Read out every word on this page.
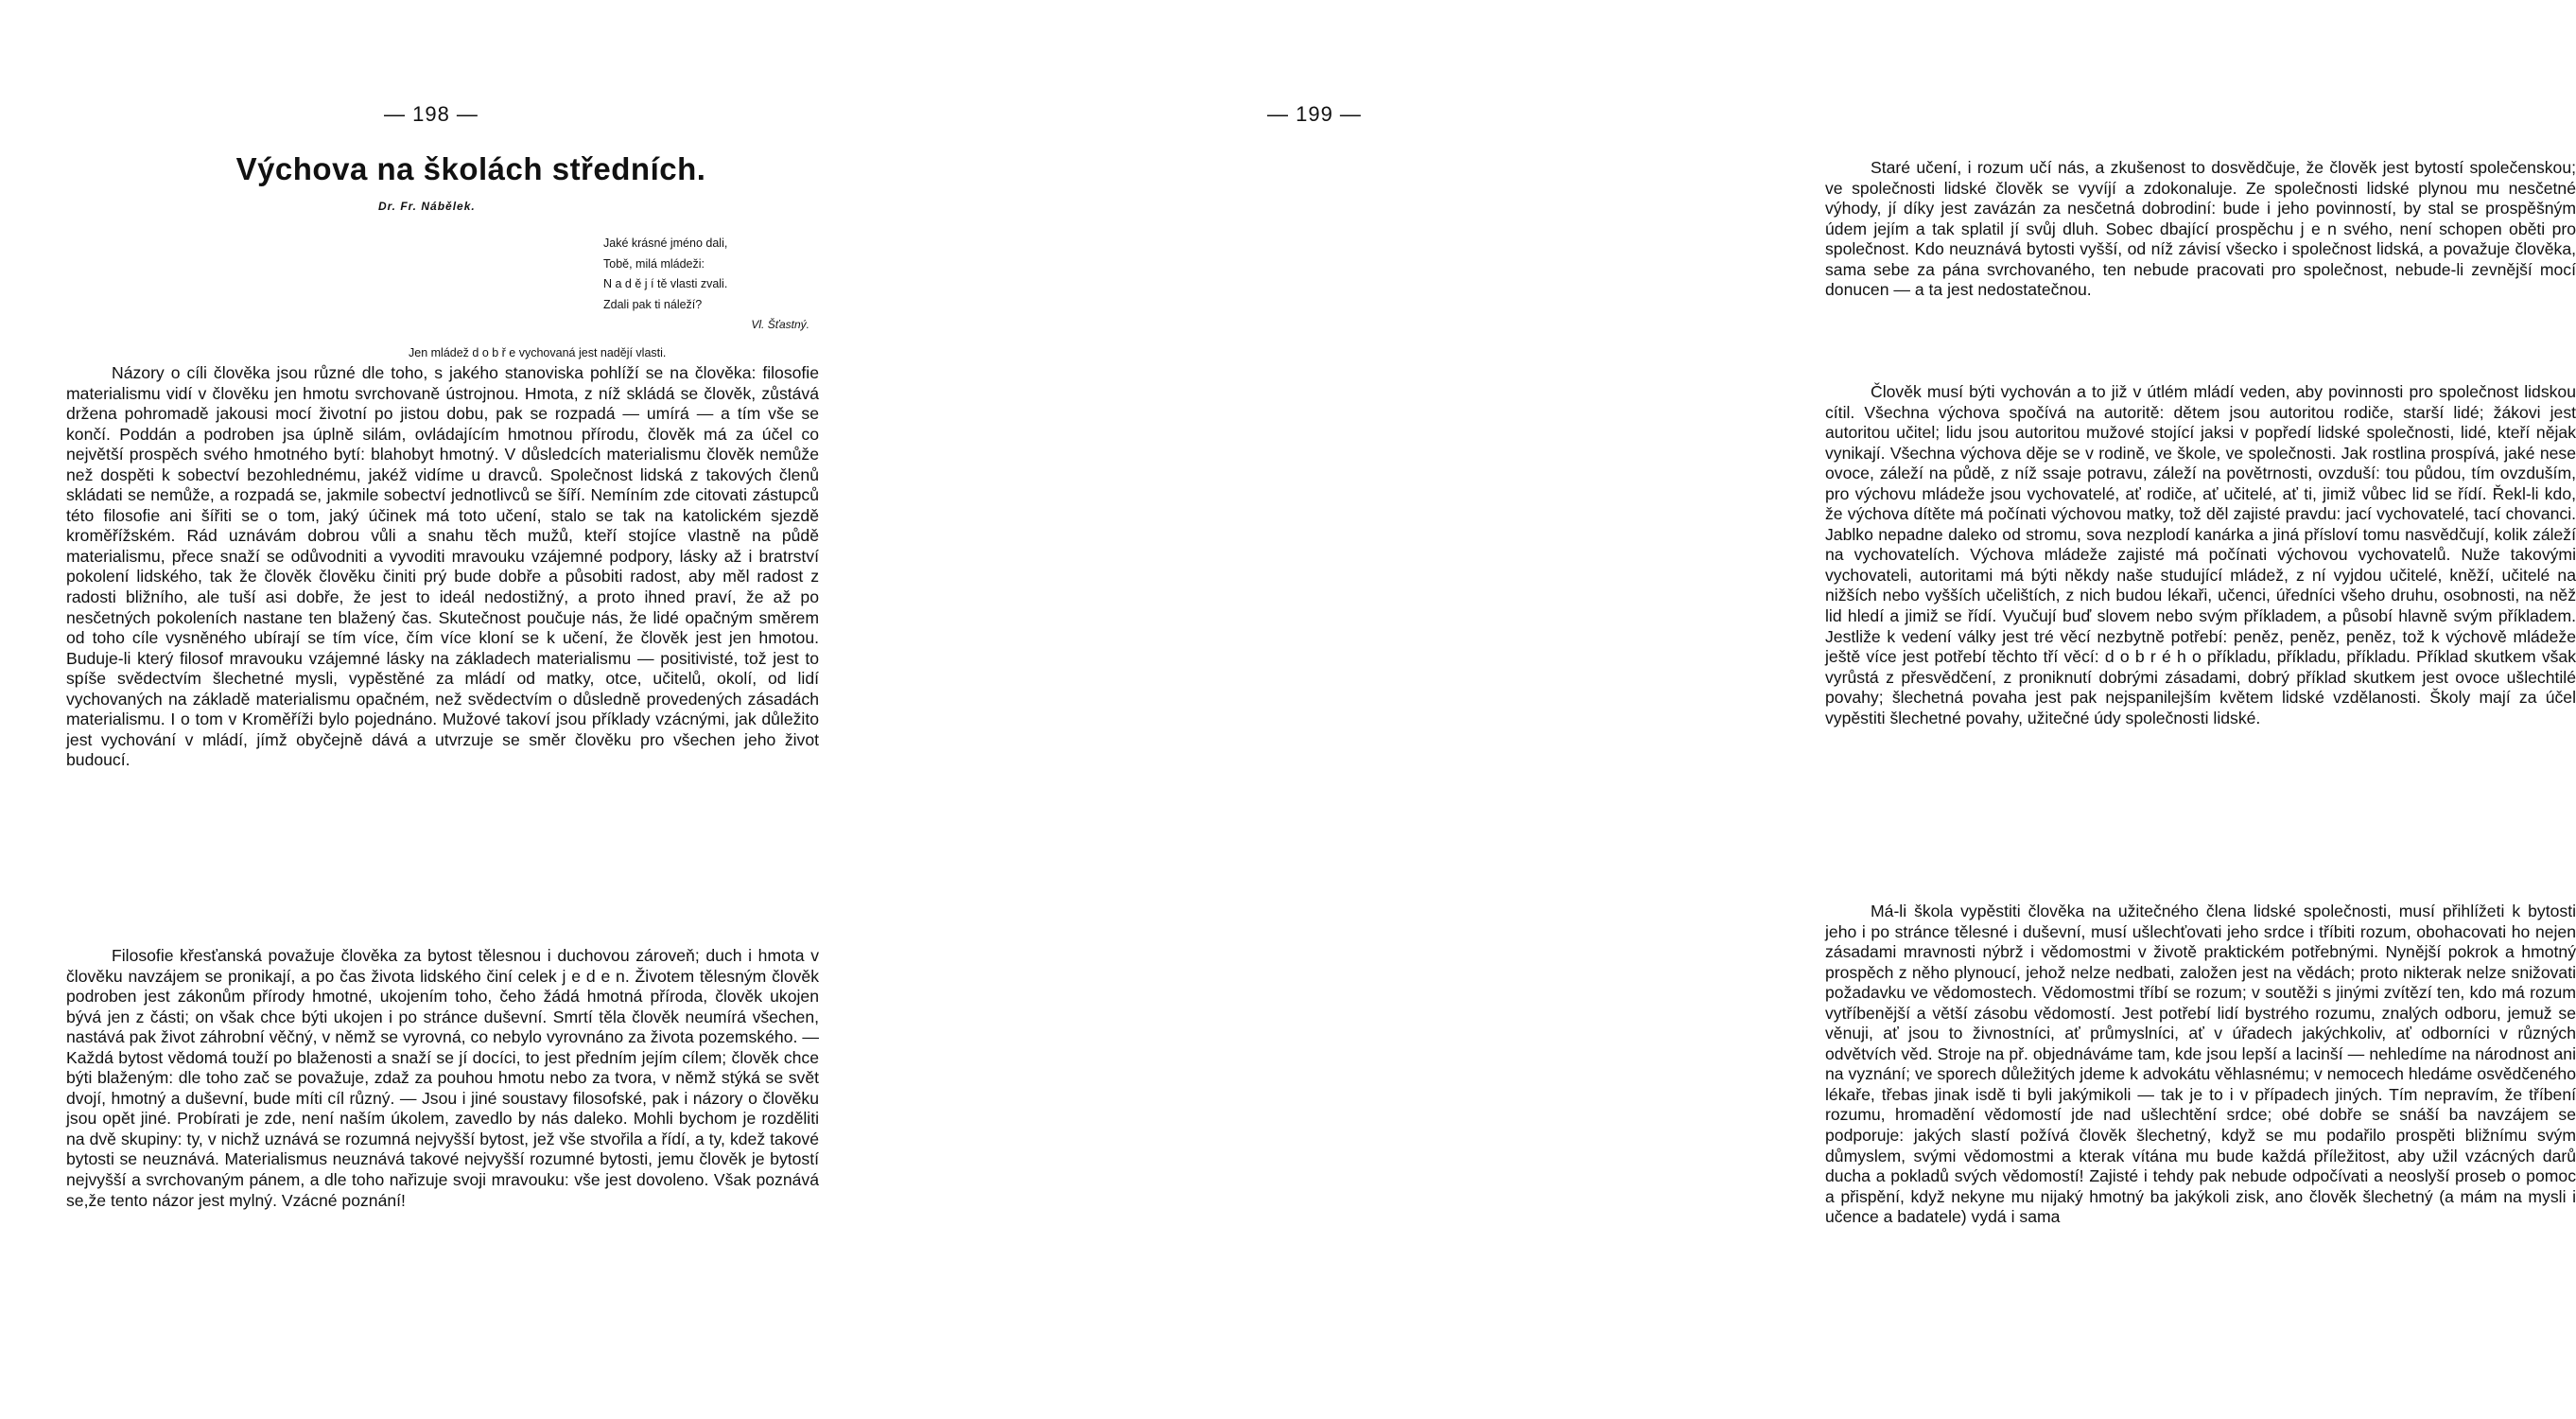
— 198 —
Výchova na školách středních.
Dr. Fr. Nábělek.
Jaké krásné jméno dali,
Tobě, milá mládeži:
N a d ě j í tě vlasti zvali.
Zdali pak ti náleží?
Vl. Šťastný.
Jen mládež d o b ř e vychovaná jest nadějí vlasti.

Názory o cíli člověka jsou různé dle toho, s jakého stanoviska pohlíží se na člověka: filosofie materialismu vidí v člověku jen hmotu svrchovaně ústrojnou. Hmota, z níž skládá se člověk, zůstává držena pohromadě jakousi mocí životní po jistou dobu, pak se rozpadá — umírá — a tím vše se končí. Poddán a podroben jsa úplně silám, ovládajícím hmotnou přírodu, člověk má za účel co největší prospěch svého hmotného bytí: blahobyt hmotný. V důsledcích materialismu člověk nemůže než dospěti k sobectví bezohlednému, jakéž vidíme u dravců. Společnost lidská z takových členů skládati se nemůže, a rozpadá se, jakmile sobectví jednotlivců se šíří. Nemíním zde citovati zástupců této filosofie ani šířiti se o tom, jaký účinek má toto učení, stalo se tak na katolickém sjezdě kroměřížském. Rád uznávám dobrou vůli a snahu těch mužů, kteří stojíce vlastně na půdě materialismu, přece snaží se odůvodniti a vyvoditi mravouku vzájemné podpory, lásky až i bratrství pokolení lidského, tak že člověk člověku činiti prý bude dobře a působiti radost, aby měl radost z radosti bližního, ale tuší asi dobře, že jest to ideál nedostižný, a proto ihned praví, že až po nesčetných pokoleních nastane ten blažený čas. Skutečnost poučuje nás, že lidé opačným směrem od toho cíle vysněného ubírají se tím více, čím více kloní se k učení, že člověk jest jen hmotou. Buduje-li který filosof mravouku vzájemné lásky na základech materialismu — positivisté, tož jest to spíše svědectvím šlechetné mysli, vypěstěné za mládí od matky, otce, učitelů, okolí, od lidí vychovaných na základě materialismu opačném, než svědectvím o důsledně provedených zásadách materialismu. I o tom v Kroměříži bylo pojednáno. Mužové takoví jsou příklady vzácnými, jak důležito jest vychování v mládí, jímž obyčejně dává a utvrzuje se směr člověku pro všechen jeho život budoucí.

Filosofie křesťanská považuje člověka za bytost tělesnou i duchovou zároveň; duch i hmota v člověku navzájem se pronikají, a po čas života lidského činí celek j e d e n. Životem tělesným člověk podroben jest zákonům přírody hmotné, ukojením toho, čeho žádá hmotná příroda, člověk ukojen bývá jen z části; on však chce býti ukojen i po stránce duševní. Smrtí těla člověk neumírá všechen, nastává pak život záhrobní věčný, v němž se vyrovná, co nebylo vyrovnáno za života pozemského. — Každá bytost vědomá touží po blaženosti a snaží se jí docíci, to jest předním jejím cílem; člověk chce býti blaženým: dle toho zač se považuje, zdaž za pouhou hmotu nebo za tvora, v němž stýká se svět dvojí, hmotný a duševní, bude míti cíl různý. — Jsou i jiné soustavy filosofské, pak i názory o člověku jsou opět jiné. Probírati je zde, není naším úkolem, zavedlo by nás daleko. Mohli bychom je rozděliti na dvě skupiny: ty, v nichž uznává se rozumná nejvyšší bytost, jež vše stvořila a řídí, a ty, kdež takové bytosti se neuznává. Materialismus neuznává takové nejvyšší rozumné bytosti, jemu člověk je bytostí nejvyšší a svrchovaným pánem, a dle toho nařizuje svoji mravouku: vše jest dovoleno. Však poznává se,že tento názor jest mylný. Vzácné poznání!

— 199 —

Staré učení, i rozum učí nás, a zkušenost to dosvědčuje, že člověk jest bytostí společenskou; ve společnosti lidské člověk se vyvíjí a zdokonaluje. Ze společnosti lidské plynou mu nesčetné výhody, jí díky jest zavázán za nesčetná dobrodiní: bude i jeho povinností, by stal se prospěšným údem jejím a tak splatil jí svůj dluh. Sobec dbající prospěchu j e n svého, není schopen oběti pro společnost. Kdo neuznává bytosti vyšší, od níž závisí všecko i společnost lidská, a považuje člověka, sama sebe za pána svrchovaného, ten nebude pracovati pro společnost, nebude-li zevnější mocí donucen — a ta jest nedostatečnou.

Člověk musí býti vychován a to již v útlém mládí veden, aby povinnosti pro společnost lidskou cítil. Všechna výchova spočívá na autoritě: dětem jsou autoritou rodiče, starší lidé; žákovi jest autoritou učitel; lidu jsou autoritou mužové stojící jaksi v popředí lidské společnosti, lidé, kteří nějak vynikají. Všechna výchova děje se v rodině, ve škole, ve společnosti. Jak rostlina prospívá, jaké nese ovoce, záleží na půdě, z níž ssaje potravu, záleží na povětrnosti, ovzduší: tou půdou, tím ovzduším, pro výchovu mládeže jsou vychovatelé, ať rodiče, ať učitelé, ať ti, jimiž vůbec lid se řídí. Řekl-li kdo, že výchova dítěte má počínati výchovou matky, tož děl zajisté pravdu: jací vychovatelé, tací chovanci. Jablko nepadne daleko od stromu, sova nezplodí kanárka a jiná přísloví tomu nasvědčují, kolik záleží na vychovatelích. Výchova mládeže zajisté má počínati výchovou vychovatelů. Nuže takovými vychovateli, autoritami má býti někdy naše studující mládež, z ní vyjdou učitelé, kněží, učitelé na nižších nebo vyšších učelištích, z nich budou lékaři, učenci, úředníci všeho druhu, osobnosti, na něž lid hledí a jimiž se řídí. Vyučují buď slovem nebo svým příkladem, a působí hlavně svým příkladem. Jestliže k vedení války jest tré věcí nezbytně potřebí: peněz, peněz, peněz, tož k výchově mládeže ještě více jest potřebí těchto tří věcí: d o b r é h o příkladu, příkladu, příkladu. Příklad skutkem však vyrůstá z přesvědčení, z proniknutí dobrými zásadami, dobrý příklad skutkem jest ovoce ušlechtilé povahy; šlechetná povaha jest pak nejspanilejším květem lidské vzdělanosti. Školy mají za účel vypěstiti šlechetné povahy, užitečné údy společnosti lidské.

Má-li škola vypěstiti člověka na užitečného člena lidské společnosti, musí přihlížeti k bytosti jeho i po stránce tělesné i duševní, musí ušlechťovati jeho srdce i tříbiti rozum, obohacovati ho nejen zásadami mravnosti nýbrž i vědomostmi v životě praktickém potřebnými. Nynější pokrok a hmotný prospěch z něho plynoucí, jehož nelze nedbati, založen jest na vědách; proto nikterak nelze snižovati požadavku ve vědomostech. Vědomostmi tříbí se rozum; v soutěži s jinými zvítězí ten, kdo má rozum vytříbenější a větší zásobu vědomostí. Jest potřebí lidí bystrého rozumu, znalých odboru, jemuž se věnuji, ať jsou to živnostníci, ať průmyslníci, ať v úřadech jakýchkoliv, ať odborníci v různých odvětvích věd. Stroje na př. objednáváme tam, kde jsou lepší a lacinší — nehledíme na národnost ani na vyznání; ve sporech důležitých jdeme k advokátu věhlasnému; v nemocech hledáme osvědčeného lékaře, třebas jinak isdě ti byli jakýmikoli — tak je to i v případech jiných. Tím nepravím, že tříbení rozumu, hromadění vědomostí jde nad ušlechtění srdce; obé dobře se snáší ba navzájem se podporuje: jakých slastí požívá člověk šlechetný, když se mu podařilo prospěti bližnímu svým důmyslem, svými vědomostmi a kterak vítána mu bude každá příležitost, aby užil vzácných darů ducha a pokladů svých vědomostí! Zajisté i tehdy pak nebude odpočívati a neoslyší proseb o pomoc a přispění, když nekyne mu nijaký hmotný ba jakýkoli zisk, ano člověk šlechetný (a mám na mysli i učence a badatele) vydá i sama
